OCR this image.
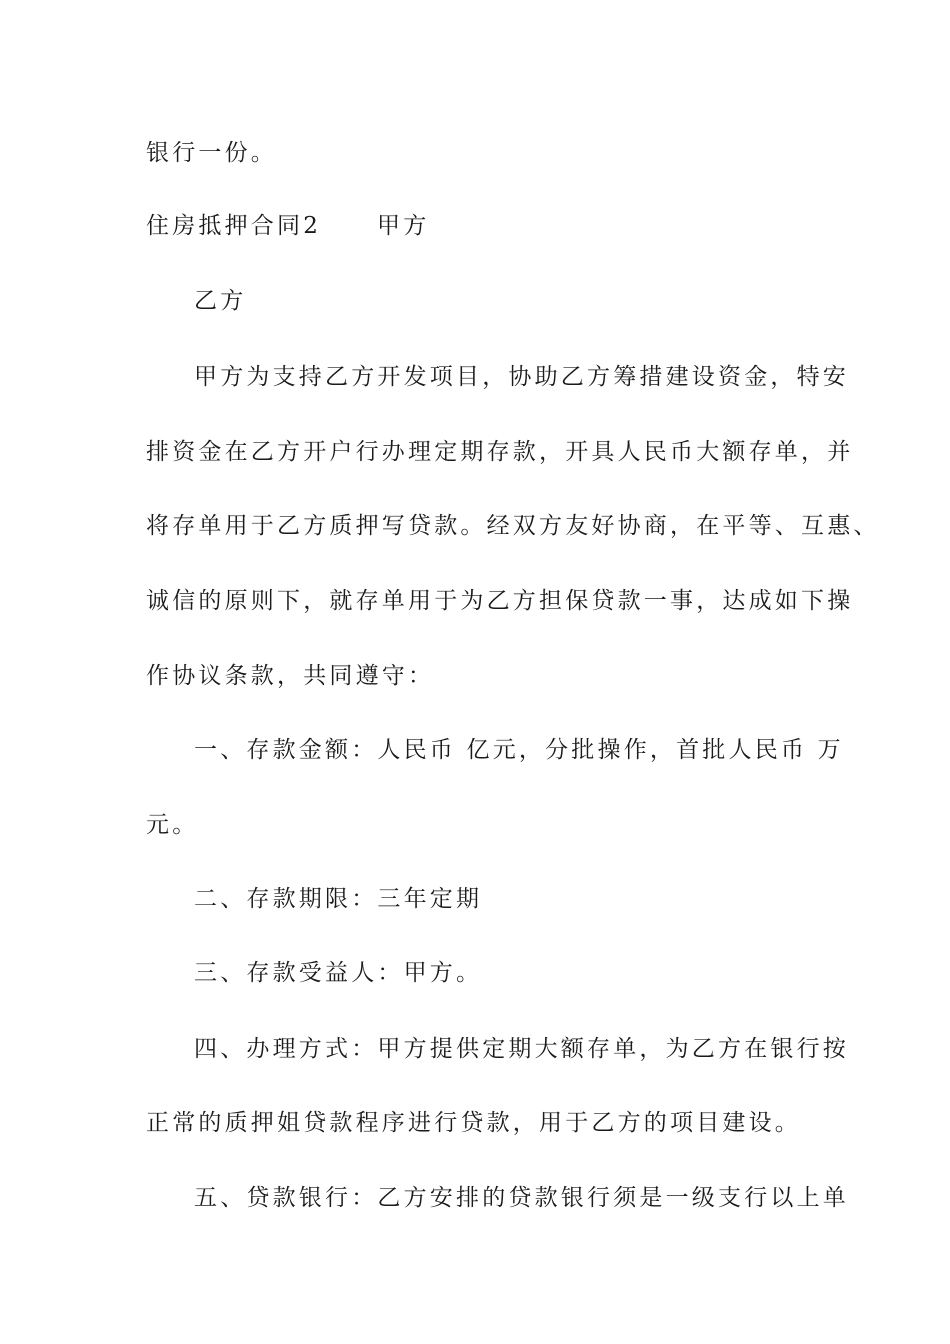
银行一份。
住房抵押合同2 甲方
乙方
甲方为支持乙方开发项目，协助乙方筹措建设资金，特安
排资金在乙方开户行办理定期存款，开具人民币大额存单，并
将存单用于乙方质押写贷款。经双方友好协商，在平等、互惠、
诚信的原则下，就存单用于为乙方担保贷款一事，达成如下操
作协议条款，共同遵守：
一、存款金额：人民币 亿元，分批操作，首批人民币 万
元。
二、存款期限：三年定期
三、存款受益人：甲方。
四、办理方式：甲方提供定期大额存单，为乙方在银行按
正常的质押姐贷款程序进行贷款，用于乙方的项目建设。
五、贷款银行：乙方安排的贷款银行须是一级支行以上单
